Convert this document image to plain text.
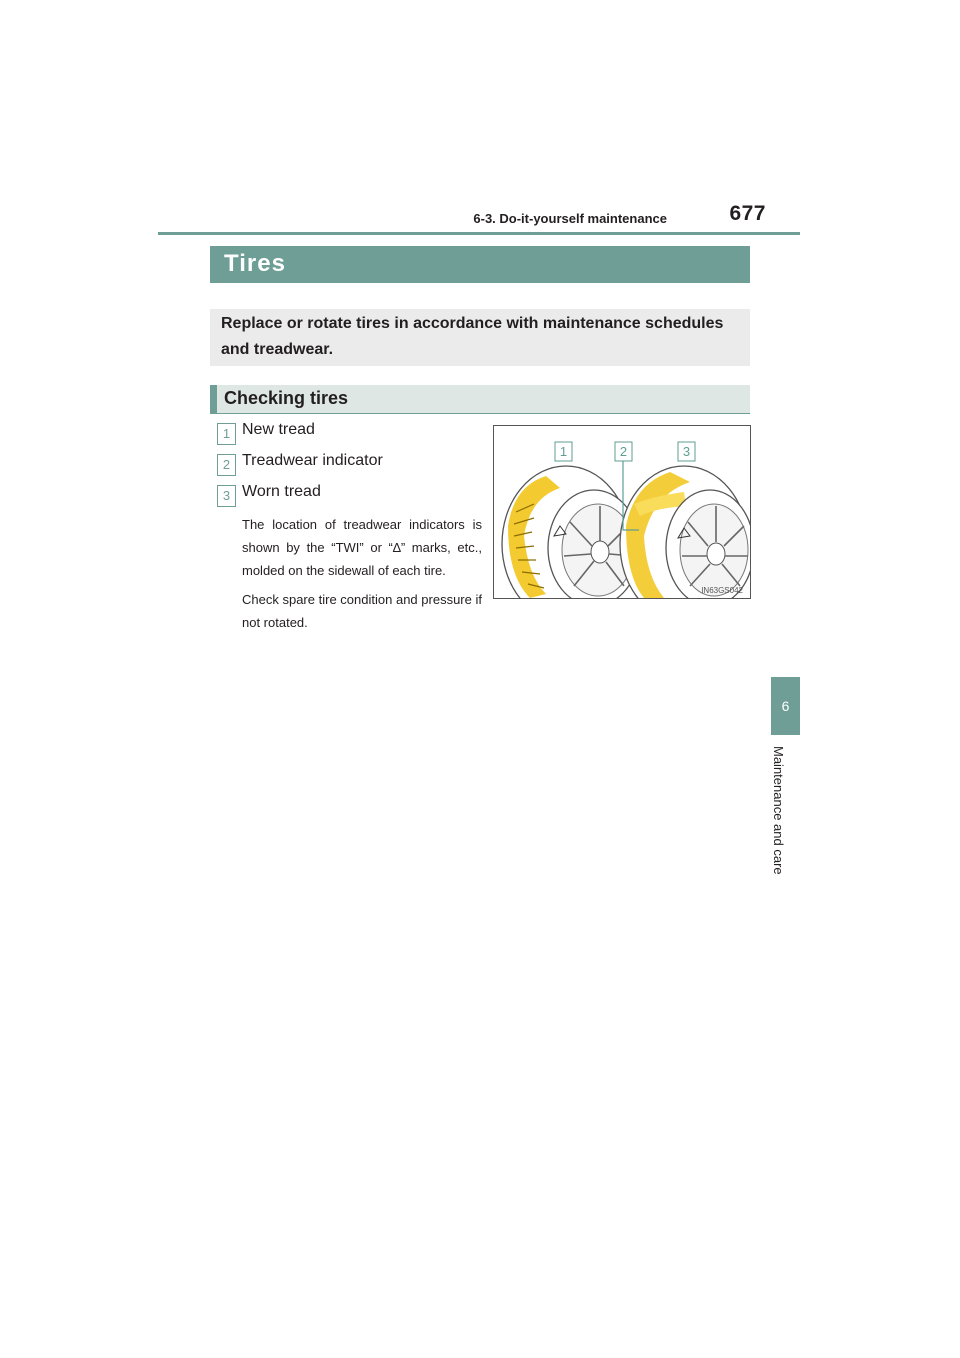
677
6-3. Do-it-yourself maintenance
6
Maintenance and care
Tires
Replace or rotate tires in accordance with maintenance schedules and treadwear.
Checking tires
1 New tread
2 Treadwear indicator
3 Worn tread
The location of treadwear indicators is shown by the “TWI” or “∆” marks, etc., molded on the sidewall of each tire.
Check spare tire condition and pressure if not rotated.
1	2	3
IN63GS042
